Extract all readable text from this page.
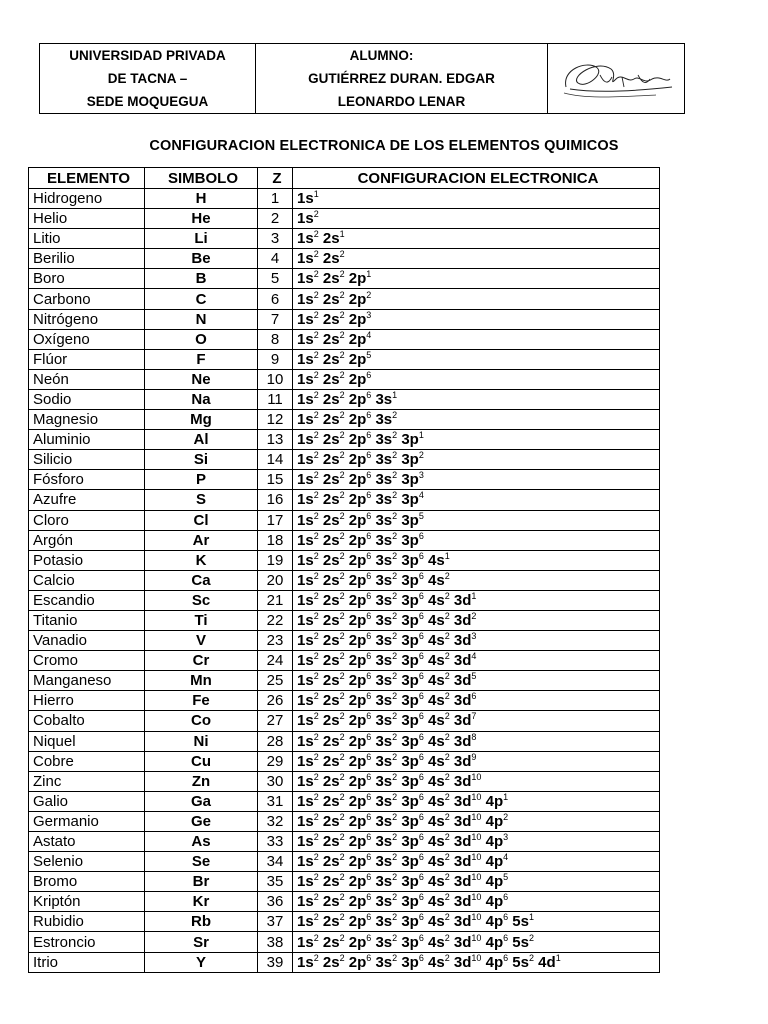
UNIVERSIDAD PRIVADA
DE TACNA –
SEDE MOQUEGUA

ALUMNO:
GUTIÉRREZ DURAN. EDGAR
LEONARDO LENAR

CONFIGURACION ELECTRONICA DE LOS ELEMENTOS QUIMICOS
ELEMENTO	SIMBOLO	Z	CONFIGURACION ELECTRONICA
Hidrogeno	H	1	$1s^1$
Helio	He	2	$1s^2$
Litio	Li	3	$1s^2$ $2s^1$
Berilio	Be	4	$1s^2$ $2s^2$
Boro	B	5	$1s^2$ $2s^2$ $2p^1$
Carbono	C	6	$1s^2$ $2s^2$ $2p^2$
Nitrógeno	N	7	$1s^2$ $2s^2$ $2p^3$
Oxígeno	O	8	$1s^2$ $2s^2$ $2p^4$
Flúor	F	9	$1s^2$ $2s^2$ $2p^5$
Neón	Ne	10	$1s^2$ $2s^2$ $2p^6$
Sodio	Na	11	$1s^2$ $2s^2$ $2p^6$ $3s^1$
Magnesio	Mg	12	$1s^2$ $2s^2$ $2p^6$ $3s^2$
Aluminio	Al	13	$1s^2$ $2s^2$ $2p^6$ $3s^2$ $3p^1$
Silicio	Si	14	$1s^2$ $2s^2$ $2p^6$ $3s^2$ $3p^2$
Fósforo	P	15	$1s^2$ $2s^2$ $2p^6$ $3s^2$ $3p^3$
Azufre	S	16	$1s^2$ $2s^2$ $2p^6$ $3s^2$ $3p^4$
Cloro	Cl	17	$1s^2$ $2s^2$ $2p^6$ $3s^2$ $3p^5$
Argón	Ar	18	$1s^2$ $2s^2$ $2p^6$ $3s^2$ $3p^6$
Potasio	K	19	$1s^2$ $2s^2$ $2p^6$ $3s^2$ $3p^6$ $4s^1$
Calcio	Ca	20	$1s^2$ $2s^2$ $2p^6$ $3s^2$ $3p^6$ $4s^2$
Escandio	Sc	21	$1s^2$ $2s^2$ $2p^6$ $3s^2$ $3p^6$ $4s^2$ $3d^1$
Titanio	Ti	22	$1s^2$ $2s^2$ $2p^6$ $3s^2$ $3p^6$ $4s^2$ $3d^2$
Vanadio	V	23	$1s^2$ $2s^2$ $2p^6$ $3s^2$ $3p^6$ $4s^2$ $3d^3$
Cromo	Cr	24	$1s^2$ $2s^2$ $2p^6$ $3s^2$ $3p^6$ $4s^2$ $3d^4$
Manganeso	Mn	25	$1s^2$ $2s^2$ $2p^6$ $3s^2$ $3p^6$ $4s^2$ $3d^5$
Hierro	Fe	26	$1s^2$ $2s^2$ $2p^6$ $3s^2$ $3p^6$ $4s^2$ $3d^6$
Cobalto	Co	27	$1s^2$ $2s^2$ $2p^6$ $3s^2$ $3p^6$ $4s^2$ $3d^7$
Niquel	Ni	28	$1s^2$ $2s^2$ $2p^6$ $3s^2$ $3p^6$ $4s^2$ $3d^8$
Cobre	Cu	29	$1s^2$ $2s^2$ $2p^6$ $3s^2$ $3p^6$ $4s^2$ $3d^9$
Zinc	Zn	30	$1s^2$ $2s^2$ $2p^6$ $3s^2$ $3p^6$ $4s^2$ $3d^{10}$
Galio	Ga	31	$1s^2$ $2s^2$ $2p^6$ $3s^2$ $3p^6$ $4s^2$ $3d^{10}$ $4p^1$
Germanio	Ge	32	$1s^2$ $2s^2$ $2p^6$ $3s^2$ $3p^6$ $4s^2$ $3d^{10}$ $4p^2$
Astato	As	33	$1s^2$ $2s^2$ $2p^6$ $3s^2$ $3p^6$ $4s^2$ $3d^{10}$ $4p^3$
Selenio	Se	34	$1s^2$ $2s^2$ $2p^6$ $3s^2$ $3p^6$ $4s^2$ $3d^{10}$ $4p^4$
Bromo	Br	35	$1s^2$ $2s^2$ $2p^6$ $3s^2$ $3p^6$ $4s^2$ $3d^{10}$ $4p^5$
Kriptón	Kr	36	$1s^2$ $2s^2$ $2p^6$ $3s^2$ $3p^6$ $4s^2$ $3d^{10}$ $4p^6$
Rubidio	Rb	37	$1s^2$ $2s^2$ $2p^6$ $3s^2$ $3p^6$ $4s^2$ $3d^{10}$ $4p^6$ $5s^1$
Estroncio	Sr	38	$1s^2$ $2s^2$ $2p^6$ $3s^2$ $3p^6$ $4s^2$ $3d^{10}$ $4p^6$ $5s^2$
Itrio	Y	39	$1s^2$ $2s^2$ $2p^6$ $3s^2$ $3p^6$ $4s^2$ $3d^{10}$ $4p^6$ $5s^2$ $4d^1$
